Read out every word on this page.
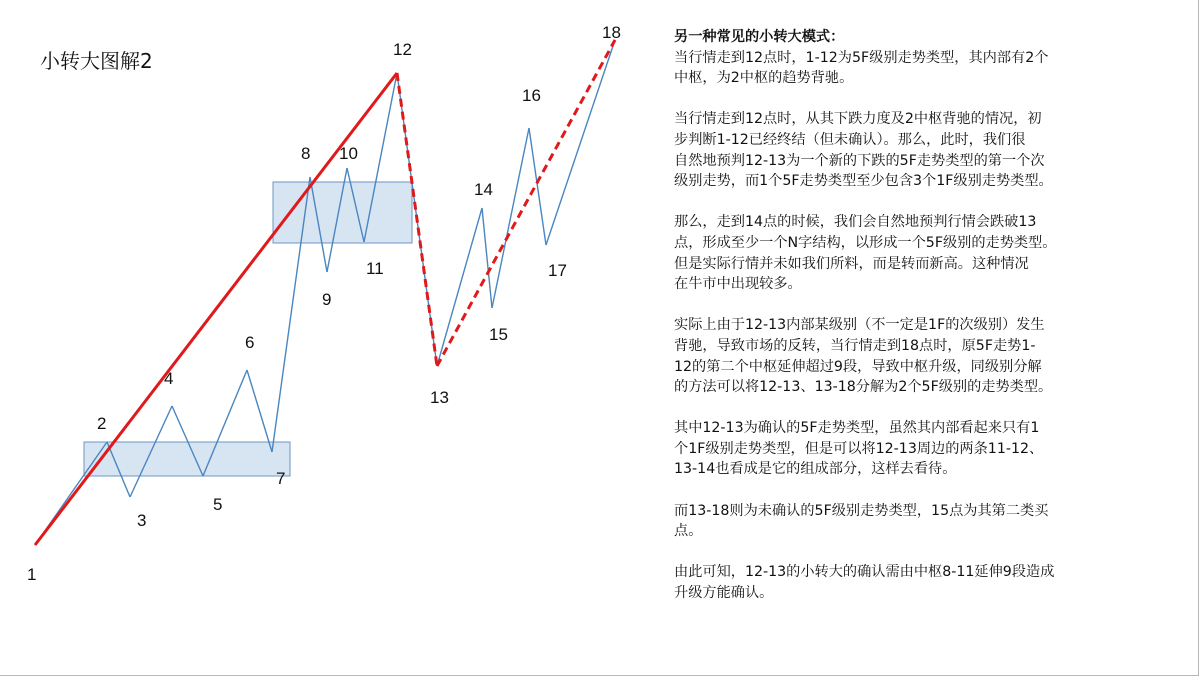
小转大图解2
1
2
3
4
5
6
7
8
9
10
11
12
13
14
15
16
17
18	另一种常见的小转大模式：

当行情走到12点时，1-12为5F级别走势类型，其内部有2个
中枢，为2中枢的趋势背驰。

当行情走到12点时，从其下跌力度及2中枢背驰的情况，初
步判断1-12已经终结（但未确认）。那么，此时，我们很
自然地预判12-13为一个新的下跌的5F走势类型的第一个次
级别走势，而1个5F走势类型至少包含3个1F级别走势类型。

那么，走到14点的时候，我们会自然地预判行情会跌破13
点，形成至少一个N字结构，以形成一个5F级别的走势类型。
但是实际行情并未如我们所料，而是转而新高。这种情况
在牛市中出现较多。

实际上由于12-13内部某级别（不一定是1F的次级别）发生
背驰，导致市场的反转，当行情走到18点时，原5F走势1-
12的第二个中枢延伸超过9段，导致中枢升级，同级别分解
的方法可以将12-13、13-18分解为2个5F级别的走势类型。

其中12-13为确认的5F走势类型，虽然其内部看起来只有1
个1F级别走势类型，但是可以将12-13周边的两条11-12、
13-14也看成是它的组成部分，这样去看待。

而13-18则为未确认的5F级别走势类型，15点为其第二类买
点。

由此可知，12-13的小转大的确认需由中枢8-11延伸9段造成
升级方能确认。
